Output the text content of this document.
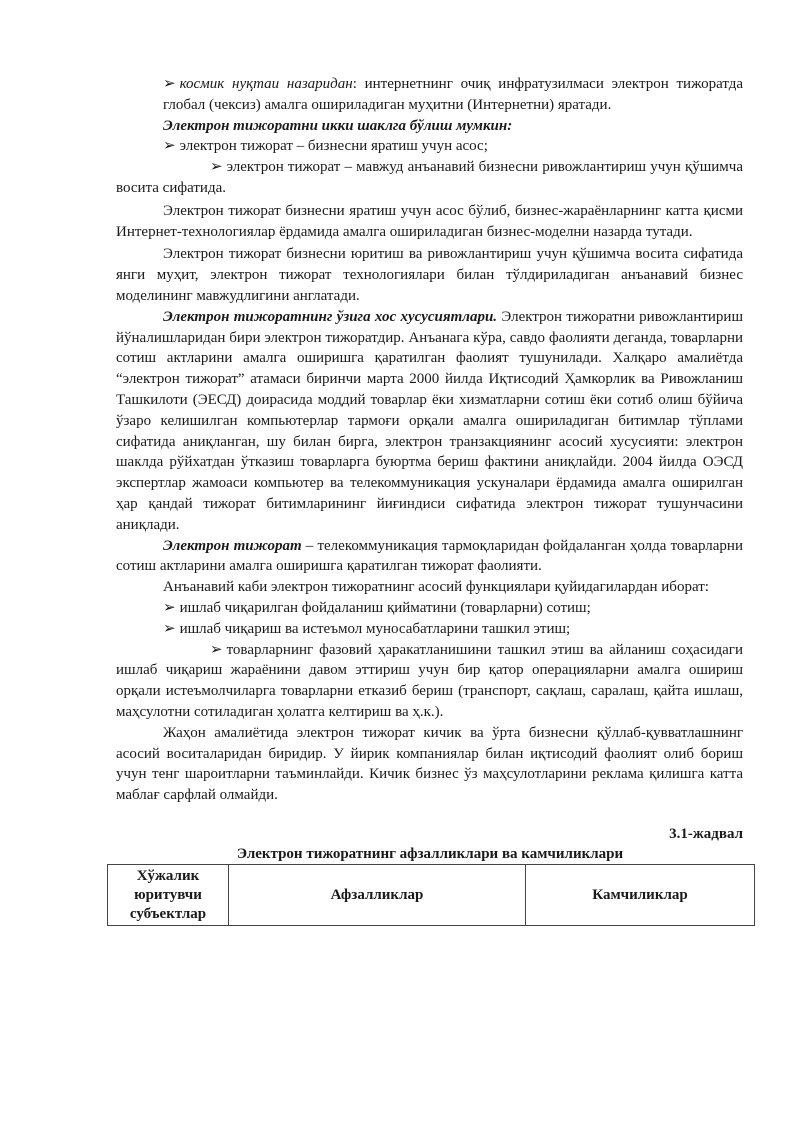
➢ космик нуқтаи назаридан: интернетнинг очиқ инфратузилмаси электрон тижоратда глобал (чексиз) амалга ошириладиган муҳитни (Интернетни) яратади.

Электрон тижоратни икки шаклга бўлиш мумкин:

➢ электрон тижорат – бизнесни яратиш учун асос;

➢ электрон тижорат – мавжуд анъанавий бизнесни ривожлантириш учун қўшимча восита сифатида.

Электрон тижорат бизнесни яратиш учун асос бўлиб, бизнес-жараёнларнинг катта қисми Интернет-технологиялар ёрдамида амалга ошириладиган бизнес-моделни назарда тутади.

Электрон тижорат бизнесни юритиш ва ривожлантириш учун қўшимча восита сифатида янги муҳит, электрон тижорат технологиялари билан тўлдириладиган анъанавий бизнес моделининг мавжудлигини англатади.

Электрон тижоратнинг ўзига хос хусусиятлари. Электрон тижоратни ривожлантириш йўналишларидан бири электрон тижоратдир. Анъанага кўра, савдо фаолияти деганда, товарларни сотиш актларини амалга оширишга қаратилган фаолият тушунилади. Халқаро амалиётда “электрон тижорат” атамаси биринчи марта 2000 йилда Иқтисодий Ҳамкорлик ва Ривожланиш Ташкилоти (ЭЕСД) доирасида моддий товарлар ёки хизматларни сотиш ёки сотиб олиш бўйича ўзаро келишилган компьютерлар тармоғи орқали амалга ошириладиган битимлар тўплами сифатида аниқланган, шу билан бирга, электрон транзакциянинг асосий хусусияти: электрон шаклда рўйхатдан ўтказиш товарларга буюртма бериш фактини аниқлайди. 2004 йилда ОЭСД экспертлар жамоаси компьютер ва телекоммуникация ускуналари ёрдамида амалга оширилган ҳар қандай тижорат битимларининг йиғиндиси сифатида электрон тижорат тушунчасини аниқлади.

Электрон тижорат – телекоммуникация тармоқларидан фойдаланган ҳолда товарларни сотиш актларини амалга оширишга қаратилган тижорат фаолияти.

Анъанавий каби электрон тижоратнинг асосий функциялари қуйидагилардан иборат:

➢ ишлаб чиқарилган фойдаланиш қийматини (товарларни) сотиш;

➢ ишлаб чиқариш ва истеъмол муносабатларини ташкил этиш;

➢ товарларнинг фазовий ҳаракатланишини ташкил этиш ва айланиш соҳасидаги ишлаб чиқариш жараёнини давом эттириш учун бир қатор операцияларни амалга ошириш орқали истеъмолчиларга товарларни етказиб бериш (транспорт, сақлаш, саралаш, қайта ишлаш, маҳсулотни сотиладиган ҳолатга келтириш ва ҳ.к.).

Жаҳон амалиётида электрон тижорат кичик ва ўрта бизнесни қўллаб-қувватлашнинг асосий воситаларидан биридир. У йирик компаниялар билан иқтисодий фаолият олиб бориш учун тенг шароитларни таъминлайди. Кичик бизнес ўз маҳсулотларини реклама қилишга катта маблағ сарфлай олмайди.

3.1-жадвал
Электрон тижоратнинг афзалликлари ва камчиликлари
Хўжалик юритувчи субъектлар	Афзалликлар	Камчиликлар
